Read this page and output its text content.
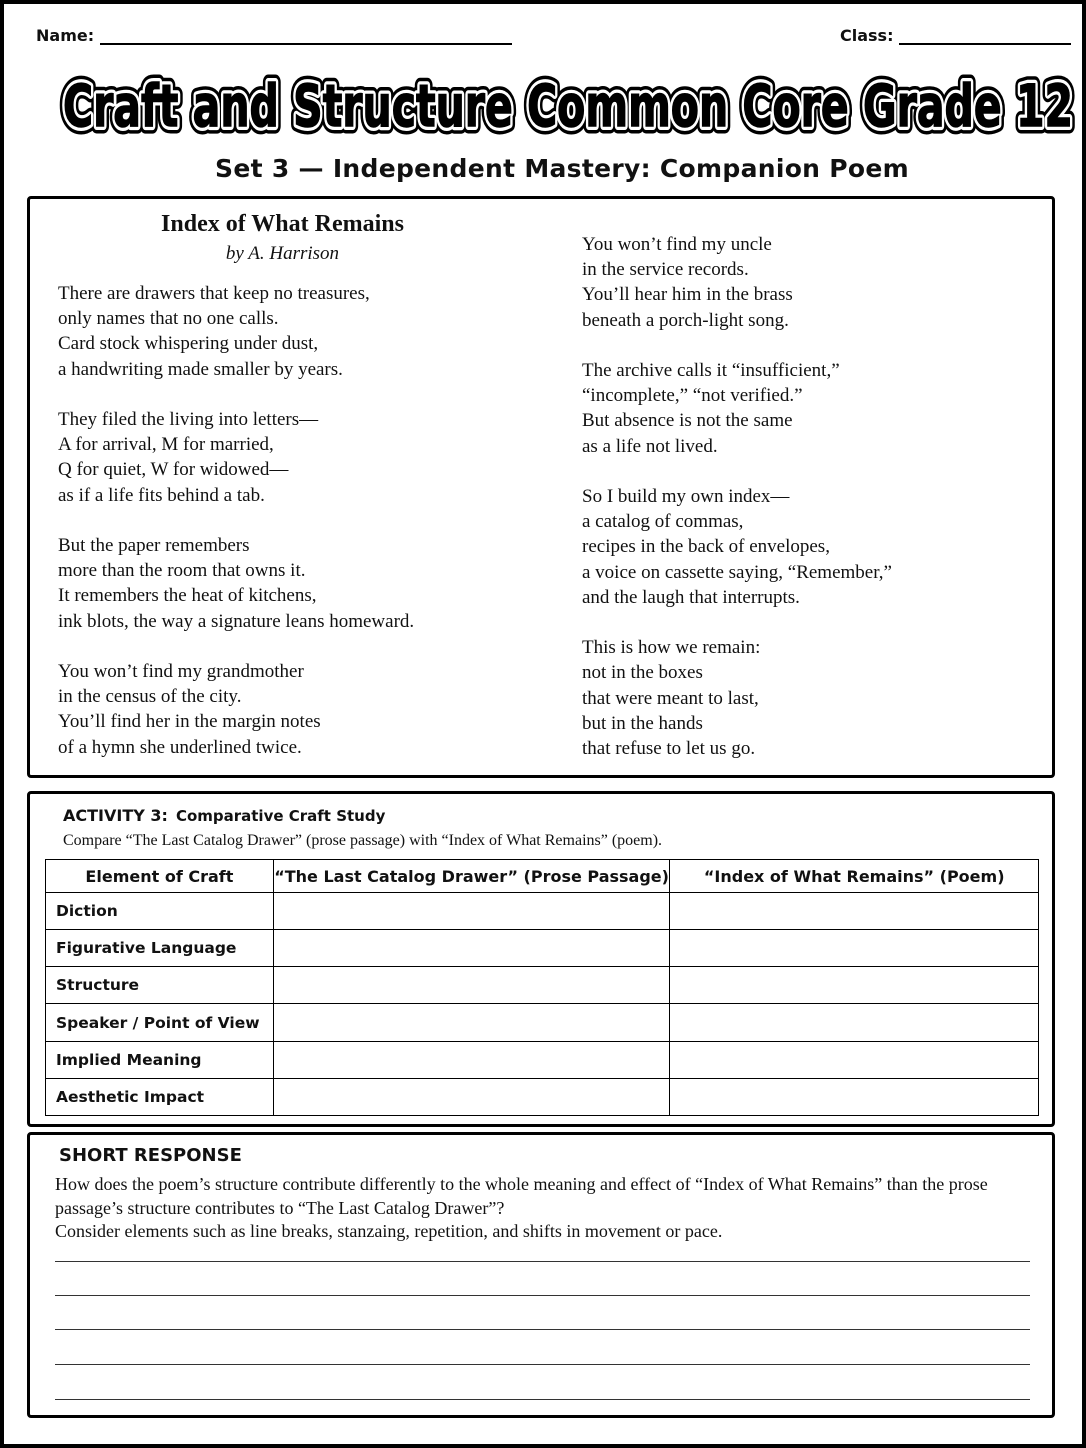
Name:	Class:
Craft and Structure Common Core Grade 12
Craft and Structure Common Core Grade 12
Craft and Structure Common Core Grade 12
Set 3 — Independent Mastery: Companion Poem
Index of What Remains
by A. Harrison
There are drawers that keep no treasures,
only names that no one calls.
Card stock whispering under dust,
a handwriting made smaller by years.
They filed the living into letters—
A for arrival, M for married,
Q for quiet, W for widowed—
as if a life fits behind a tab.
But the paper remembers
more than the room that owns it.
It remembers the heat of kitchens,
ink blots, the way a signature leans homeward.
You won’t find my grandmother
in the census of the city.
You’ll find her in the margin notes
of a hymn she underlined twice.
You won’t find my uncle
in the service records.
You’ll hear him in the brass
beneath a porch-light song.
The archive calls it “insufficient,”
“incomplete,” “not verified.”
But absence is not the same
as a life not lived.
So I build my own index—
a catalog of commas,
recipes in the back of envelopes,
a voice on cassette saying, “Remember,”
and the laugh that interrupts.
This is how we remain:
not in the boxes
that were meant to last,
but in the hands
that refuse to let us go.
ACTIVITY 3: Comparative Craft Study
Compare “The Last Catalog Drawer” (prose passage) with “Index of What Remains” (poem).
Element of Craft	“The Last Catalog Drawer” (Prose Passage)	“Index of What Remains” (Poem)
Diction		
Figurative Language		
Structure		
Speaker / Point of View		
Implied Meaning		
Aesthetic Impact		
SHORT RESPONSE
How does the poem’s structure contribute differently to the whole meaning and effect of “Index of What Remains” than the prose passage’s structure contributes to “The Last Catalog Drawer”?
Consider elements such as line breaks, stanzaing, repetition, and shifts in movement or pace.
